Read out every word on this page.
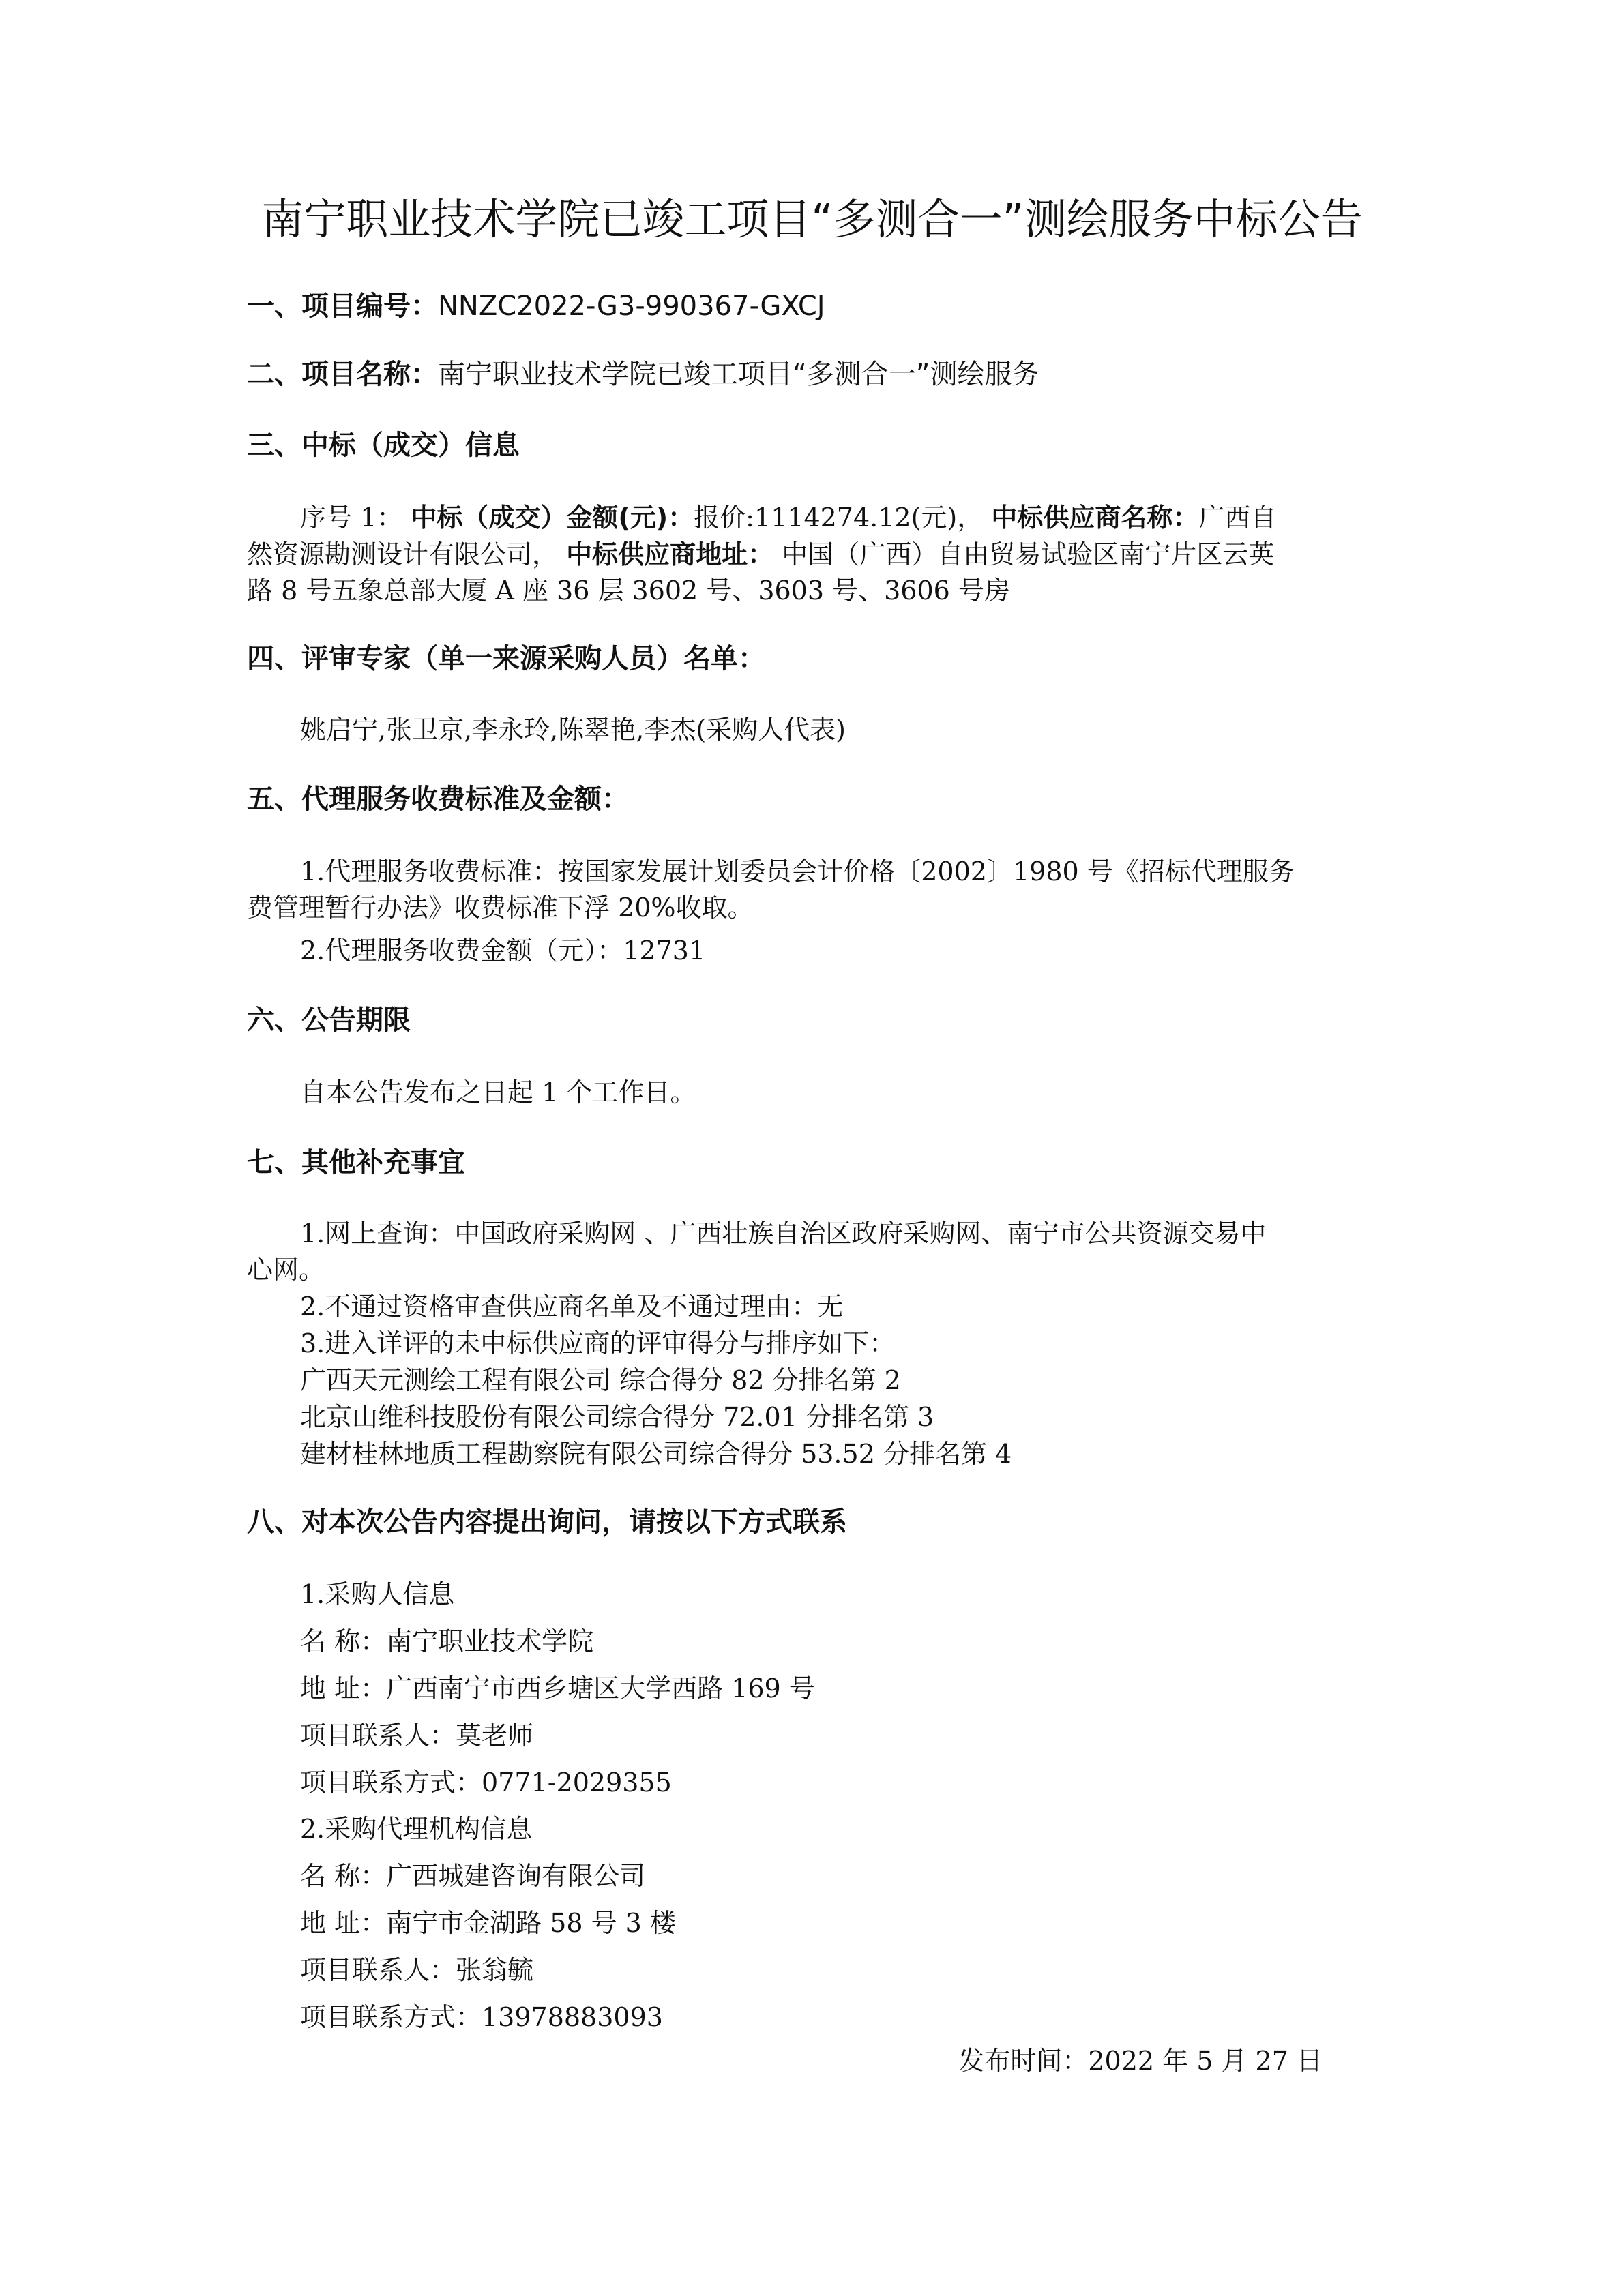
南宁职业技术学院已竣工项目“多测合一”测绘服务中标公告
一、项目编号：NNZC2022-G3-990367-GXCJ
二、项目名称：南宁职业技术学院已竣工项目“多测合一”测绘服务
三、中标（成交）信息
序号 1： 中标（成交）金额(元)：报价:1114274.12(元)， 中标供应商名称：广西自
然资源勘测设计有限公司， 中标供应商地址： 中国（广西）自由贸易试验区南宁片区云英
路 8 号五象总部大厦 A 座 36 层 3602 号、3603 号、3606 号房
四、评审专家（单一来源采购人员）名单：
姚启宁,张卫京,李永玲,陈翠艳,李杰(采购人代表)
五、代理服务收费标准及金额：
1.代理服务收费标准：按国家发展计划委员会计价格〔2002〕1980 号《招标代理服务
费管理暂行办法》收费标准下浮 20%收取。
2.代理服务收费金额（元）：12731
六、公告期限
自本公告发布之日起 1 个工作日。
七、其他补充事宜
1.网上查询：中国政府采购网 、广西壮族自治区政府采购网、南宁市公共资源交易中
心网。
2.不通过资格审查供应商名单及不通过理由：无
3.进入详评的未中标供应商的评审得分与排序如下：
广西天元测绘工程有限公司 综合得分 82 分排名第 2
北京山维科技股份有限公司综合得分 72.01 分排名第 3
建材桂林地质工程勘察院有限公司综合得分 53.52 分排名第 4
八、对本次公告内容提出询问，请按以下方式联系
1.采购人信息
名 称：南宁职业技术学院
地 址：广西南宁市西乡塘区大学西路 169 号
项目联系人：莫老师
项目联系方式：0771-2029355
2.采购代理机构信息
名 称：广西城建咨询有限公司
地 址：南宁市金湖路 58 号 3 楼
项目联系人：张翁毓
项目联系方式：13978883093
发布时间：2022 年 5 月 27 日
